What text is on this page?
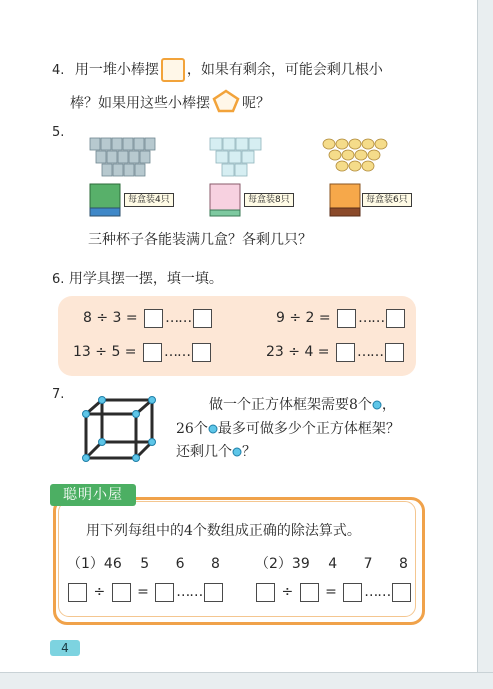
4. 用一堆小棒摆 ，如果有剩余，可能会剩几根小
棒？如果用这些小棒摆 呢？
5.
每盒装4只	每盒装8只	每盒装6只
三种杯子各能装满几盒？各剩几只？
6. 用学具摆一摆，填一填。
8 ÷ 3 = ……	9 ÷ 2 = ……
13 ÷ 5 = ……	23 ÷ 4 = ……
7.
做一个正方体框架需要8个 ，
26个 最多可做多少个正方体框架？
还剩几个 ？
聪明小屋
用下列每组中的4个数组成正确的除法算式。
（1）46 5 6 8	（2）39 4 7 8
÷ = ……	÷ = ……
4
